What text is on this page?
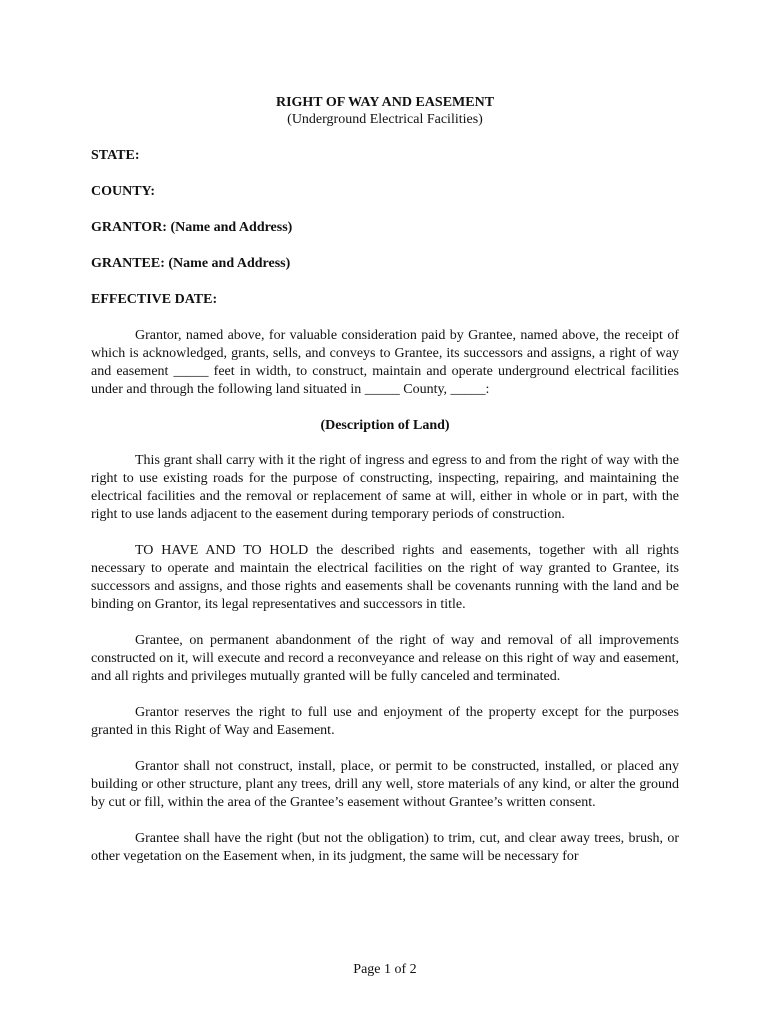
RIGHT OF WAY AND EASEMENT

(Underground Electrical Facilities)

STATE:

COUNTY:

GRANTOR: (Name and Address)

GRANTEE: (Name and Address)

EFFECTIVE DATE:

Grantor, named above, for valuable consideration paid by Grantee, named above, the receipt of which is acknowledged, grants, sells, and conveys to Grantee, its successors and assigns, a right of way and easement _____ feet in width, to construct, maintain and operate underground electrical facilities under and through the following land situated in _____ County, _____:

(Description of Land)

This grant shall carry with it the right of ingress and egress to and from the right of way with the right to use existing roads for the purpose of constructing, inspecting, repairing, and maintaining the electrical facilities and the removal or replacement of same at will, either in whole or in part, with the right to use lands adjacent to the easement during temporary periods of construction.

TO HAVE AND TO HOLD the described rights and easements, together with all rights necessary to operate and maintain the electrical facilities on the right of way granted to Grantee, its successors and assigns, and those rights and easements shall be covenants running with the land and be binding on Grantor, its legal representatives and successors in title.

Grantee, on permanent abandonment of the right of way and removal of all improvements constructed on it, will execute and record a reconveyance and release on this right of way and easement, and all rights and privileges mutually granted will be fully canceled and terminated.

Grantor reserves the right to full use and enjoyment of the property except for the purposes granted in this Right of Way and Easement.

Grantor shall not construct, install, place, or permit to be constructed, installed, or placed any building or other structure, plant any trees, drill any well, store materials of any kind, or alter the ground by cut or fill, within the area of the Grantee’s easement without Grantee’s written consent.

Grantee shall have the right (but not the obligation) to trim, cut, and clear away trees, brush, or other vegetation on the Easement when, in its judgment, the same will be necessary for

Page 1 of 2
